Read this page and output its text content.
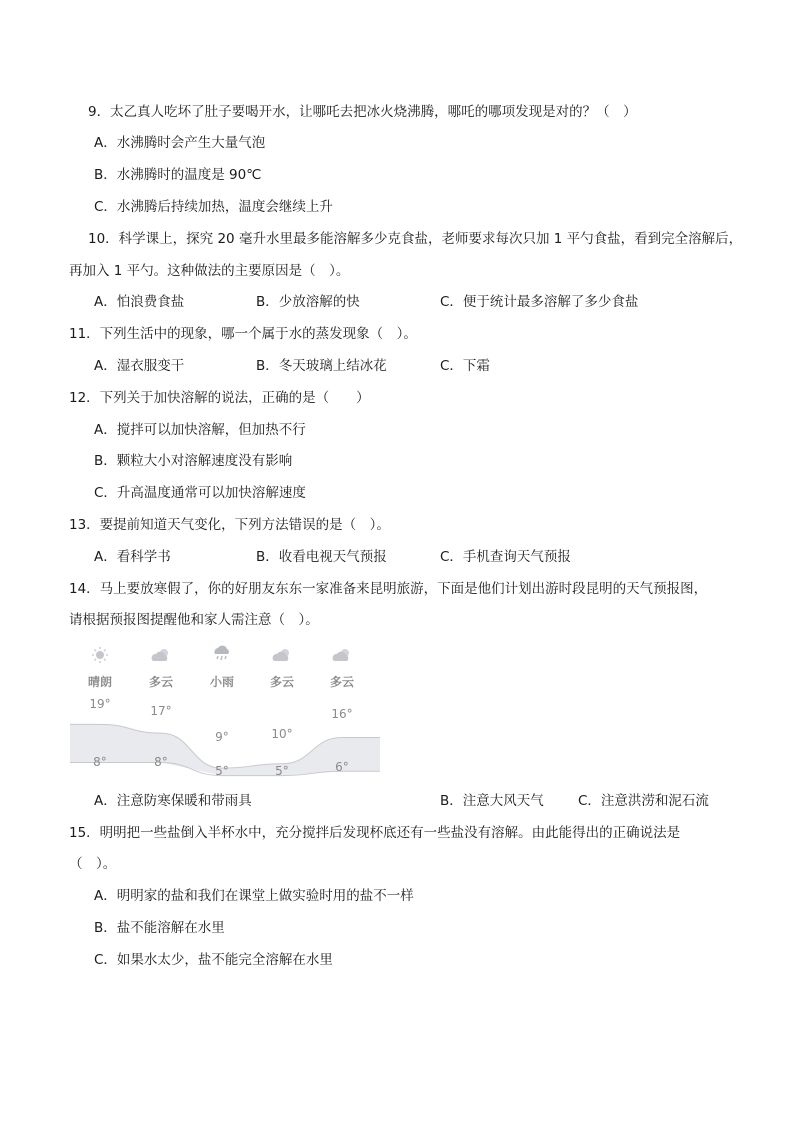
9．太乙真人吃坏了肚子要喝开水，让哪吒去把冰火烧沸腾，哪吒的哪项发现是对的？（　）
A．水沸腾时会产生大量气泡
B．水沸腾时的温度是 90℃
C．水沸腾后持续加热，温度会继续上升
10．科学课上，探究 20 毫升水里最多能溶解多少克食盐，老师要求每次只加 1 平勺食盐，看到完全溶解后，
再加入 1 平勺。这种做法的主要原因是（　）。
A．怕浪费食盐	B．少放溶解的快	C．便于统计最多溶解了多少食盐
11．下列生活中的现象，哪一个属于水的蒸发现象（　）。
A．湿衣服变干	B．冬天玻璃上结冰花	C．下霜
12．下列关于加快溶解的说法，正确的是（　　）
A．搅拌可以加快溶解，但加热不行
B．颗粒大小对溶解速度没有影响
C．升高温度通常可以加快溶解速度
13．要提前知道天气变化，下列方法错误的是（　）。
A．看科学书	B．收看电视天气预报	C．手机查询天气预报
14．马上要放寒假了，你的好朋友东东一家准备来昆明旅游，下面是他们计划出游时段昆明的天气预报图，
请根据预报图提醒他和家人需注意（　）。
晴朗	多云	小雨	多云	多云
19°	17°
9°	10°
16°
8°	8°
5°	5°	6°
A．注意防寒保暖和带雨具	B．注意大风天气	C．注意洪涝和泥石流
15．明明把一些盐倒入半杯水中，充分搅拌后发现杯底还有一些盐没有溶解。由此能得出的正确说法是
（　）。
A．明明家的盐和我们在课堂上做实验时用的盐不一样
B．盐不能溶解在水里
C．如果水太少，盐不能完全溶解在水里
